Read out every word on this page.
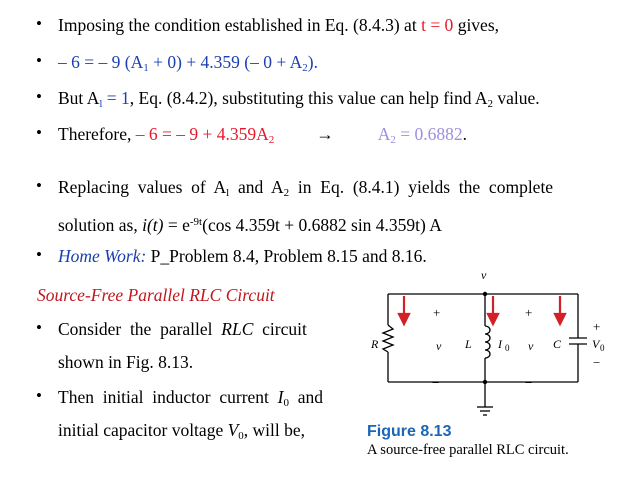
• Imposing the condition established in Eq. (8.4.3) at t = 0 gives,
• – 6 = – 9 $(A_1 + 0) + 4.359$ (– $0 + A_2$).
• But $A_l = 1$, Eq. (8.4.2), substituting this value can help find $A_2$ value.
• Therefore, – 6 = – $9 + 4.359A_2$ →	$A_2 = 0.6882$.
• Replacing  values  of  $A_l$  and  $A_2$  in  Eq.  (8.4.1)  yields  the  complete
solution as, $i(t) = e^{-9t}(\cos$ 4.359t + 0.6882 sin 4.359t) A
• Home Work: P_Problem 8.4, Problem 8.15 and 8.16.
Source-Free Parallel RLC Circuit
• Consider  the  parallel  RLC  circuit
shown in Fig. 8.13.
• Then  initial  inductor  current  $I_0$  and
initial capacitor voltage $V_0$, will be,
v
R	v L I 0 v C	V 0
+	+
+
−	−
−
Figure 8.13
A source-free parallel RLC circuit.
